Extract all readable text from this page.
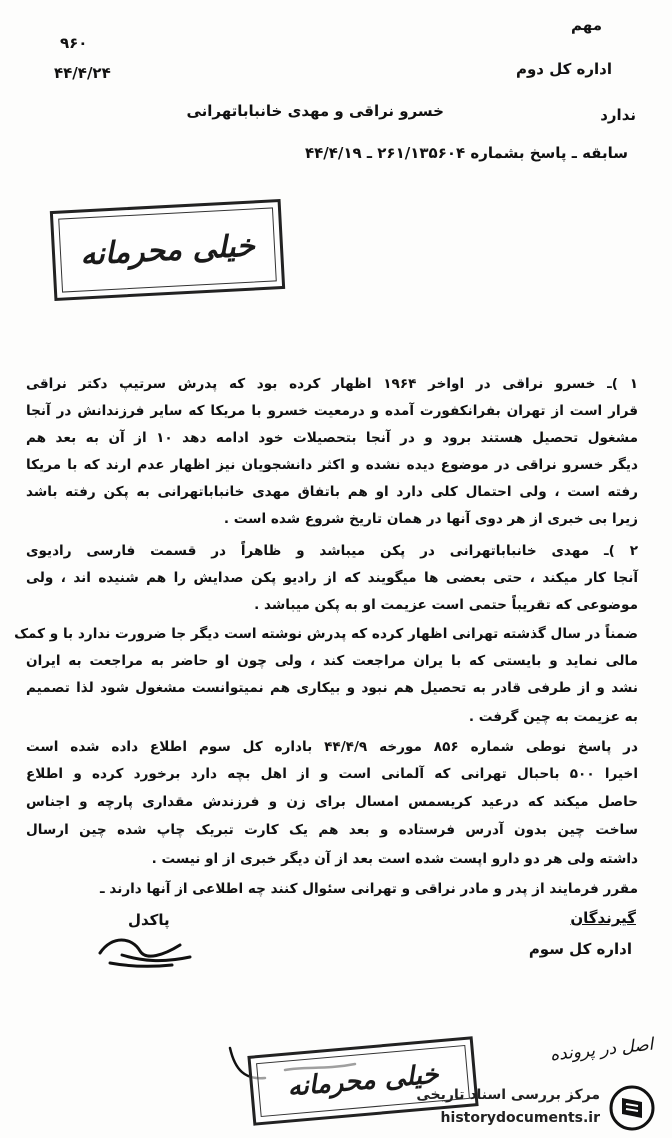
مهم
۹۶۰
اداره کل دوم
۴۴/۴/۲۴
خسرو نراقی و مهدی خانباباتهرانی	ندارد
سابقه ـ پاسخ بشماره ۲۶۱/۱۳۵۶۰۴ ـ ۴۴/۴/۱۹
خیلی محرمانه
۱ )ـ خسرو نراقی در اواخر ۱۹۶۴ اظهار کرده بود که پدرش سرتیپ دکتر نراقی
قرار است از تهران بفرانکفورت آمده و درمعیت خسرو با مریکا که سایر فرزندانش در آنجا
مشغول تحصیل هستند برود و در آنجا بتحصیلات خود ادامه دهد ۱۰ از آن به بعد هم
دیگر خسرو نراقی در موضوع دیده نشده و اکثر دانشجویان نیز اظهار عدم ارند که با مریکا
رفته است ، ولی احتمال کلی دارد او هم باتفاق مهدی خانباباتهرانی به پکن رفته باشد
زیرا بی خبری از هر دوی آنها در همان تاریخ شروع شده است .
۲ )ـ مهدی خانباباتهرانی در پکن میباشد و ظاهراً در قسمت فارسی رادیوی
آنجا کار میکند ، حتی بعضی ها میگویند که از رادیو پکن صدایش را هم شنیده اند ، ولی
موضوعی که تقریباً حتمی است عزیمت او به پکن میباشد .
ضمناً در سال گذشته تهرانی اظهار کرده که پدرش نوشته است دیگر جا ضرورت ندارد با و کمک
مالی نماید و بایستی که با یران مراجعت کند ، ولی چون او حاضر به مراجعت به ایران
نشد و از طرفی قادر به تحصیل هم نبود و بیکاری هم نمیتوانست مشغول شود لذا تصمیم
به عزیمت به چین گرفت .
در پاسخ نوطی شماره ۸۵۶ مورخه ۴۴/۴/۹ باداره کل سوم اطلاع داده شده است
اخیرا ۵۰۰ باحبال تهرانی که آلمانی است و از اهل بچه دارد برخورد کرده و اطلاع
حاصل میکند که درعید کریسمس امسال برای زن و فرزندش مقداری پارچه و اجناس
ساخت چین بدون آدرس فرستاده و بعد هم یک کارت تبریک چاپ شده چین ارسال
داشته ولی هر دو دارو اپست شده است بعد از آن دیگر خبری از او نیست .
مقرر فرمایند از پدر و مادر نراقی و تهرانی سئوال کنند چه اطلاعی از آنها دارند ـ
گیرندگان
پاکدل
اداره کل سوم
اصل در پرونده
خیلی محرمانه
مرکز بررسی اسناد تاریخی
historydocuments.ir
